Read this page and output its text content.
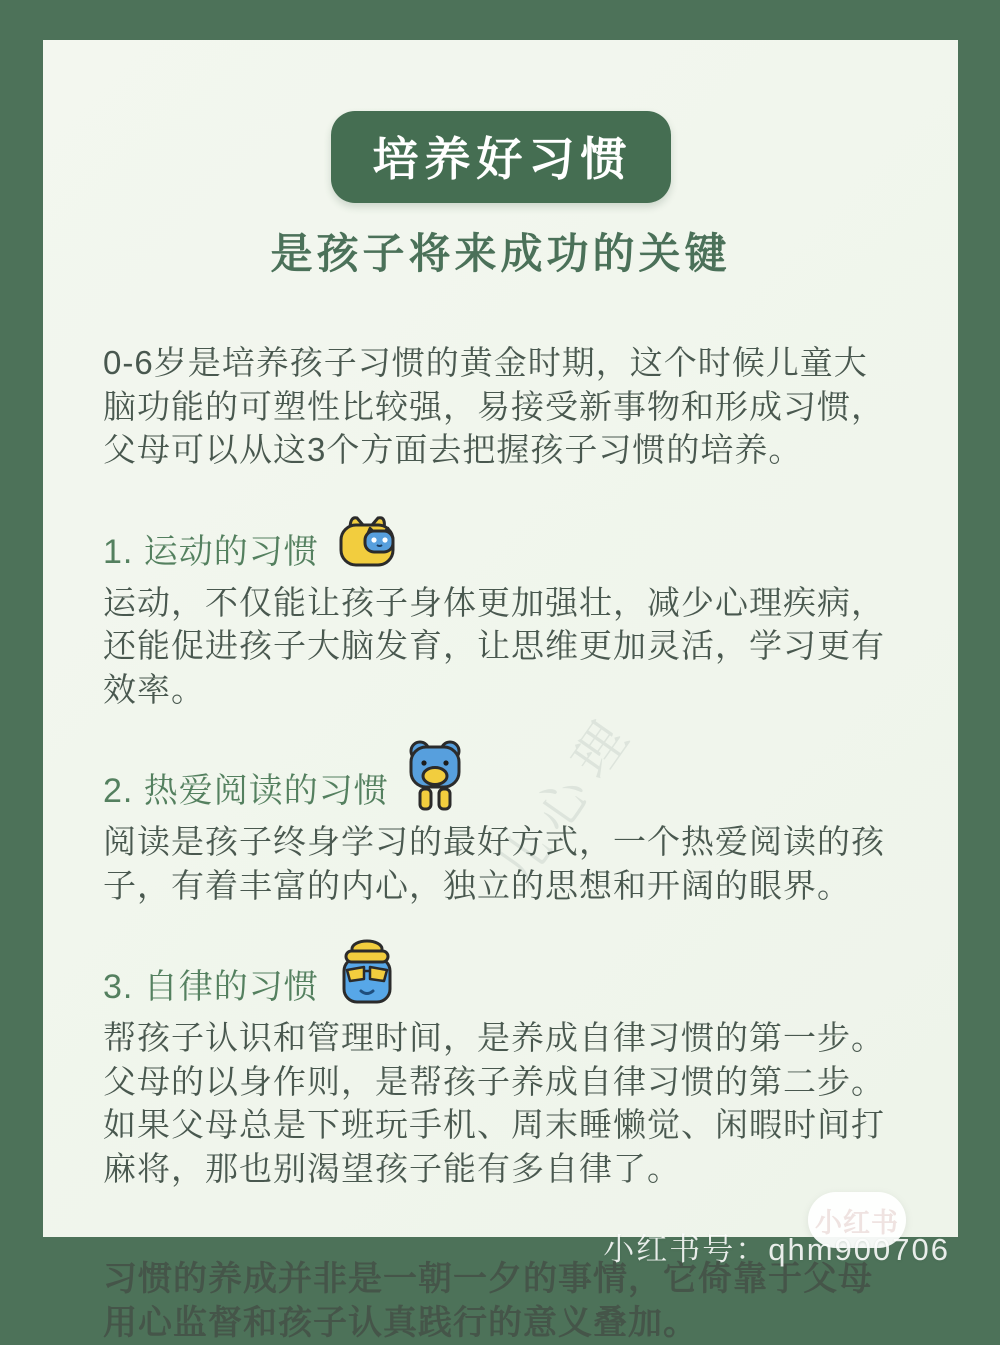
儿心理
培养好习惯
是孩子将来成功的关键
0-6岁是培养孩子习惯的黄金时期，这个时候儿童大脑功能的可塑性比较强，易接受新事物和形成习惯，父母可以从这3个方面去把握孩子习惯的培养。
1. 运动的习惯
运动，不仅能让孩子身体更加强壮，减少心理疾病，还能促进孩子大脑发育，让思维更加灵活，学习更有效率。
2. 热爱阅读的习惯
阅读是孩子终身学习的最好方式，一个热爱阅读的孩子，有着丰富的内心，独立的思想和开阔的眼界。
3. 自律的习惯
帮孩子认识和管理时间，是养成自律习惯的第一步。父母的以身作则，是帮孩子养成自律习惯的第二步。如果父母总是下班玩手机、周末睡懒觉、闲暇时间打麻将，那也别渴望孩子能有多自律了。
习惯的养成并非是一朝一夕的事情，它倚靠于父母用心监督和孩子认真践行的意义叠加。
小红书
小红书号：qhm900706
